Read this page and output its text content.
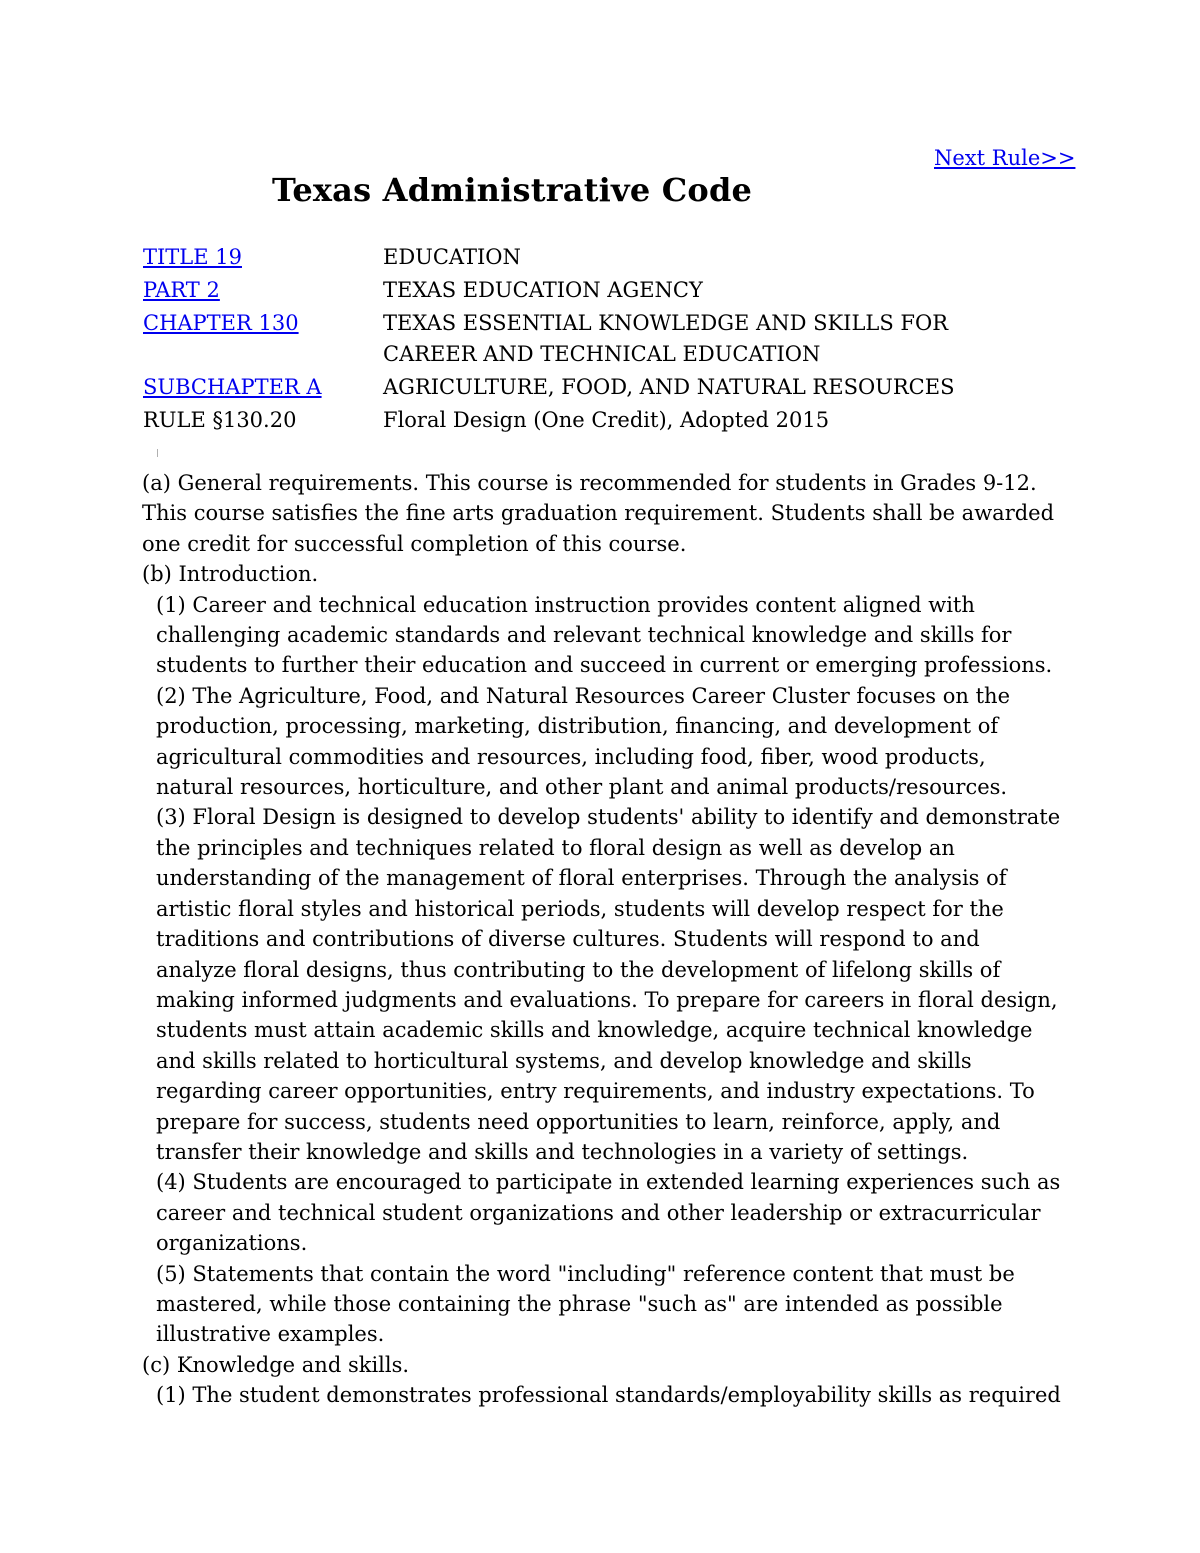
Next Rule>>
Texas Administrative Code
TITLE 19	EDUCATION
PART 2	TEXAS EDUCATION AGENCY
CHAPTER 130	TEXAS ESSENTIAL KNOWLEDGE AND SKILLS FOR CAREER AND TECHNICAL EDUCATION
SUBCHAPTER A	AGRICULTURE, FOOD, AND NATURAL RESOURCES
RULE §130.20	Floral Design (One Credit), Adopted 2015

(a) General requirements. This course is recommended for students in Grades 9-12. This course satisfies the fine arts graduation requirement. Students shall be awarded one credit for successful completion of this course.

(b) Introduction.

(1) Career and technical education instruction provides content aligned with challenging academic standards and relevant technical knowledge and skills for students to further their education and succeed in current or emerging professions.

(2) The Agriculture, Food, and Natural Resources Career Cluster focuses on the production, processing, marketing, distribution, financing, and development of agricultural commodities and resources, including food, fiber, wood products, natural resources, horticulture, and other plant and animal products/resources.

(3) Floral Design is designed to develop students' ability to identify and demonstrate the principles and techniques related to floral design as well as develop an understanding of the management of floral enterprises. Through the analysis of artistic floral styles and historical periods, students will develop respect for the traditions and contributions of diverse cultures. Students will respond to and analyze floral designs, thus contributing to the development of lifelong skills of making informed judgments and evaluations. To prepare for careers in floral design, students must attain academic skills and knowledge, acquire technical knowledge and skills related to horticultural systems, and develop knowledge and skills regarding career opportunities, entry requirements, and industry expectations. To prepare for success, students need opportunities to learn, reinforce, apply, and transfer their knowledge and skills and technologies in a variety of settings.

(4) Students are encouraged to participate in extended learning experiences such as career and technical student organizations and other leadership or extracurricular organizations.

(5) Statements that contain the word "including" reference content that must be mastered, while those containing the phrase "such as" are intended as possible illustrative examples.

(c) Knowledge and skills.

(1) The student demonstrates professional standards/employability skills as required
